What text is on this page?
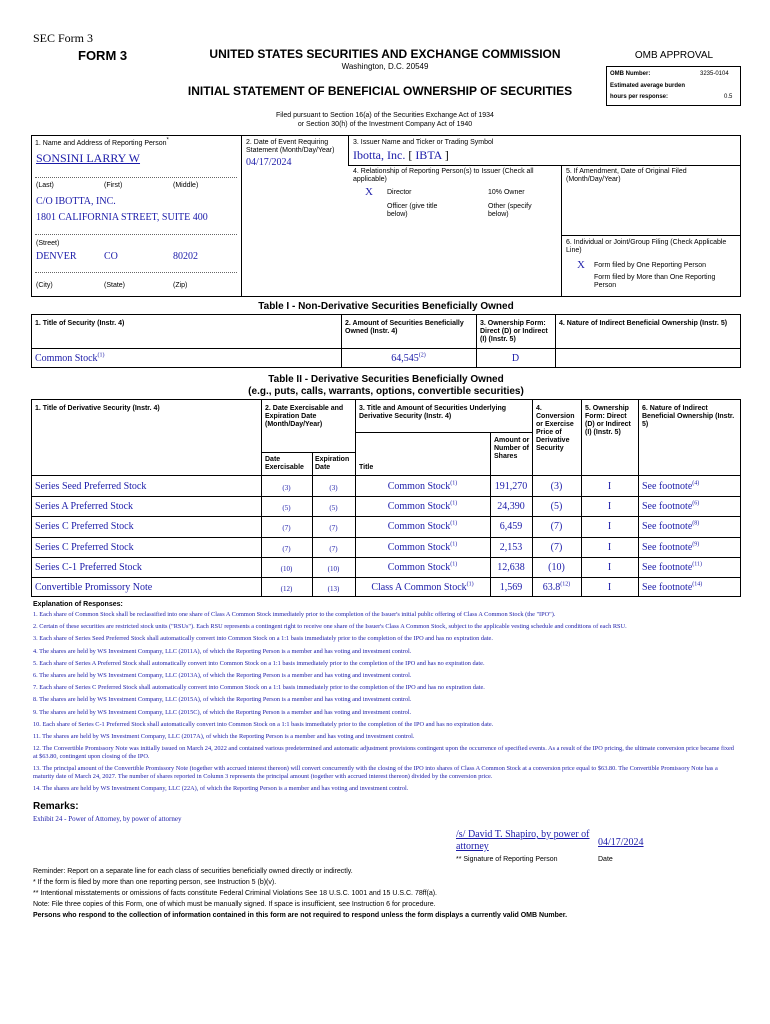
SEC Form 3
FORM 3	UNITED STATES SECURITIES AND EXCHANGE COMMISSION
Washington, D.C. 20549
INITIAL STATEMENT OF BENEFICIAL OWNERSHIP OF SECURITIES
Filed pursuant to Section 16(a) of the Securities Exchange Act of 1934
or Section 30(h) of the Investment Company Act of 1940
OMB APPROVAL
OMB Number:	3235-0104
Estimated average burden
hours per response:	0.5
1. Name and Address of Reporting Person*
SONSINI LARRY W
(Last)	(First)	(Middle)
C/O IBOTTA, INC.
1801 CALIFORNIA STREET, SUITE 400
(Street)
DENVER	CO	80202
(City)	(State)	(Zip)
2. Date of Event Requiring Statement (Month/Day/Year)
04/17/2024
3. Issuer Name and Ticker or Trading Symbol
Ibotta, Inc. [ IBTA ]
4. Relationship of Reporting Person(s) to Issuer (Check all applicable)
X Director	10% Owner
Officer (give title below)
Other (specify below)
5. If Amendment, Date of Original Filed (Month/Day/Year)
6. Individual or Joint/Group Filing (Check Applicable Line)
X Form filed by One Reporting Person
Form filed by More than One Reporting Person
Table I - Non-Derivative Securities Beneficially Owned
1. Title of Security (Instr. 4)	2. Amount of Securities Beneficially Owned (Instr. 4)
3. Ownership Form: Direct (D) or Indirect (I) (Instr. 5)
4. Nature of Indirect Beneficial Ownership (Instr. 5)
Common Stock$^{(1)}$	64,545$^{(2)}$	D
Table II - Derivative Securities Beneficially Owned
(e.g., puts, calls, warrants, options, convertible securities)
1. Title of Derivative Security (Instr. 4)	2. Date Exercisable and Expiration Date (Month/Day/Year)
Date Exercisable
Expiration Date
3. Title and Amount of Securities Underlying Derivative Security (Instr. 4)
Title
Amount or Number of Shares
4. Conversion or Exercise Price of Derivative Security
5. Ownership Form: Direct (D) or Indirect (I) (Instr. 5)
6. Nature of Indirect Beneficial Ownership (Instr. 5)
Series Seed Preferred Stock	(3)	(3)	Common Stock$^{(1)}$	191,270	(3)	I	See footnote$^{(4)}$
Series A Preferred Stock	(5)	(5)	Common Stock$^{(1)}$	24,390	(5)	I	See footnote$^{(6)}$
Series C Preferred Stock	(7)	(7)	Common Stock$^{(1)}$	6,459	(7)	I	See footnote$^{(8)}$
Series C Preferred Stock	(7)	(7)	Common Stock$^{(1)}$	2,153	(7)	I	See footnote$^{(9)}$
Series C-1 Preferred Stock	(10)	(10)	Common Stock$^{(1)}$	12,638	(10)	I	See footnote$^{(11)}$
Convertible Promissory Note	(12)	(13)	Class A Common Stock$^{(1)}$	1,569	63.8$^{(12)}$	I	See footnote$^{(14)}$
Explanation of Responses:
1. Each share of Common Stock shall be reclassified into one share of Class A Common Stock immediately prior to the completion of the Issuer's initial public offering of Class A Common Stock (the "IPO").
2. Certain of these securities are restricted stock units ("RSUs"). Each RSU represents a contingent right to receive one share of the Issuer's Class A Common Stock, subject to the applicable vesting schedule and conditions of each RSU.
3. Each share of Series Seed Preferred Stock shall automatically convert into Common Stock on a 1:1 basis immediately prior to the completion of the IPO and has no expiration date.
4. The shares are held by WS Investment Company, LLC (2011A), of which the Reporting Person is a member and has voting and investment control.
5. Each share of Series A Preferred Stock shall automatically convert into Common Stock on a 1:1 basis immediately prior to the completion of the IPO and has no expiration date.
6. The shares are held by WS Investment Company, LLC (2013A), of which the Reporting Person is a member and has voting and investment control.
7. Each share of Series C Preferred Stock shall automatically convert into Common Stock on a 1:1 basis immediately prior to the completion of the IPO and has no expiration date.
8. The shares are held by WS Investment Company, LLC (2015A), of which the Reporting Person is a member and has voting and investment control.
9. The shares are held by WS Investment Company, LLC (2015C), of which the Reporting Person is a member and has voting and investment control.
10. Each share of Series C-1 Preferred Stock shall automatically convert into Common Stock on a 1:1 basis immediately prior to the completion of the IPO and has no expiration date.
11. The shares are held by WS Investment Company, LLC (2017A), of which the Reporting Person is a member and has voting and investment control.
12. The Convertible Promissory Note was initially issued on March 24, 2022 and contained various predetermined and automatic adjustment provisions contingent upon the occurrence of specified events. As a result of the IPO pricing, the ultimate conversion price became fixed at $63.80, contingent upon closing of the IPO.
13. The principal amount of the Convertible Promissory Note (together with accrued interest thereon) will convert concurrently with the closing of the IPO into shares of Class A Common Stock at a conversion price equal to $63.80. The Convertible Promissory Note has a maturity date of March 24, 2027. The number of shares reported in Column 3 represents the principal amount (together with accrued interest thereon) divided by the conversion price.
14. The shares are held by WS Investment Company, LLC (22A), of which the Reporting Person is a member and has voting and investment control.
Remarks:
Exhibit 24 - Power of Attorney, by power of attorney
/s/ David T. Shapiro, by power of attorney	04/17/2024
** Signature of Reporting Person	Date
Reminder: Report on a separate line for each class of securities beneficially owned directly or indirectly.
* If the form is filed by more than one reporting person, see Instruction 5 (b)(v).
** Intentional misstatements or omissions of facts constitute Federal Criminal Violations See 18 U.S.C. 1001 and 15 U.S.C. 78ff(a).
Note: File three copies of this Form, one of which must be manually signed. If space is insufficient, see Instruction 6 for procedure.
Persons who respond to the collection of information contained in this form are not required to respond unless the form displays a currently valid OMB Number.
